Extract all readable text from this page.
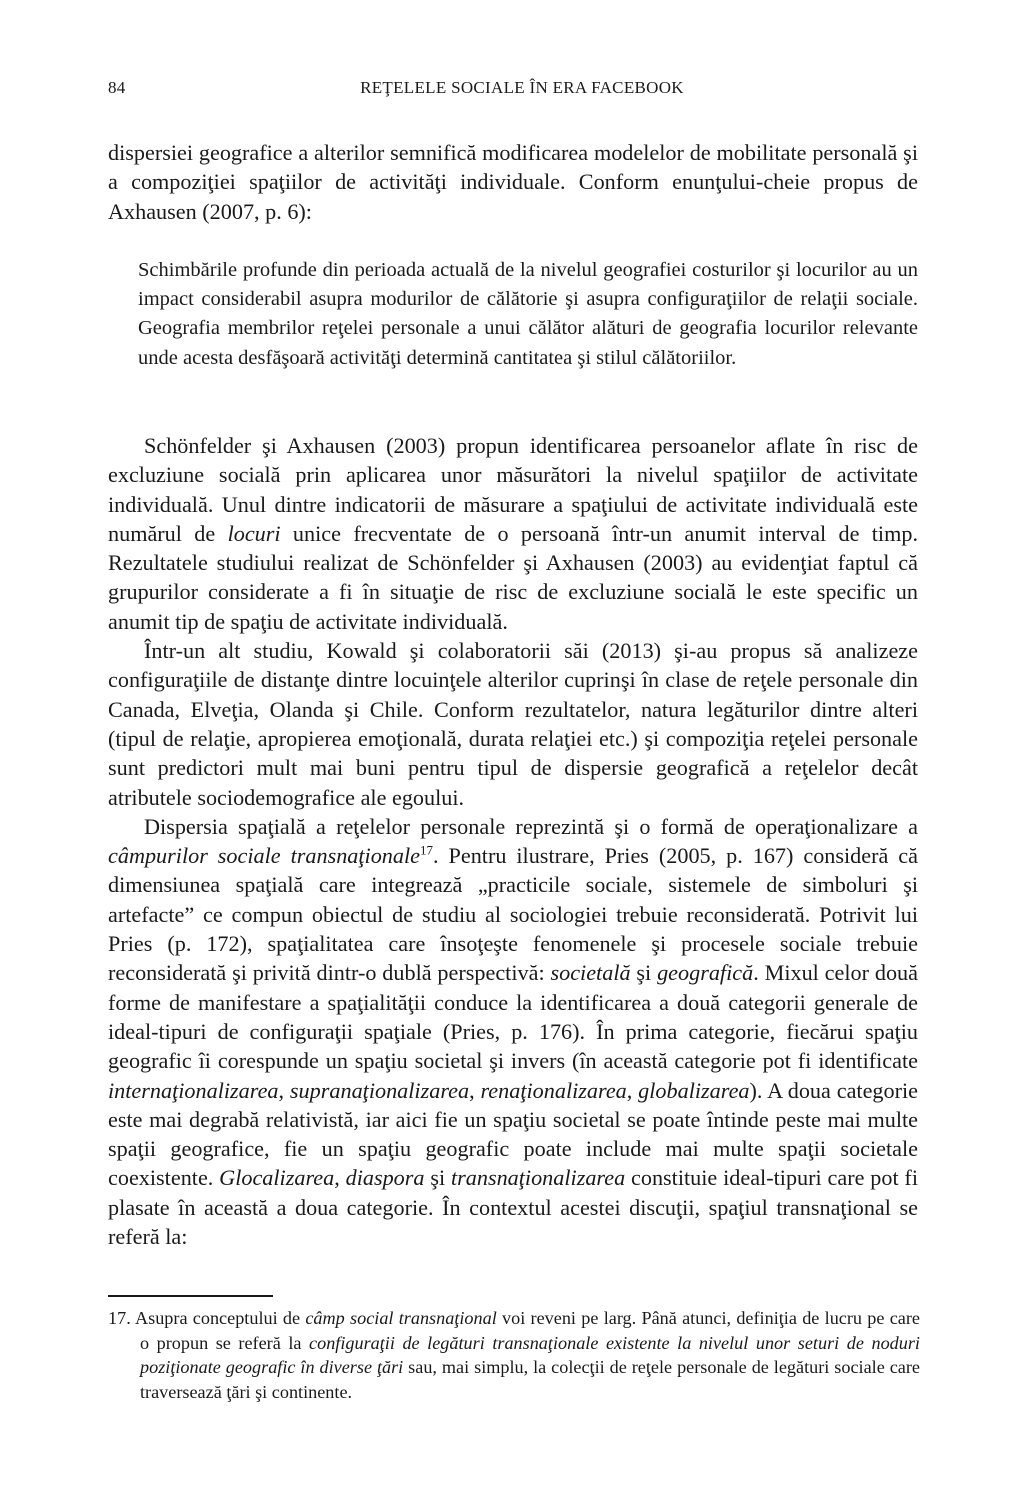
84	REŢELELE SOCIALE ÎN ERA FACEBOOK

dispersiei geografice a alterilor semnifică modificarea modelelor de mobilitate personală şi a compoziţiei spaţiilor de activităţi individuale. Conform enunţului-cheie propus de Axhausen (2007, p. 6):

Schimbările profunde din perioada actuală de la nivelul geografiei costurilor şi locurilor au un impact considerabil asupra modurilor de călătorie şi asupra configuraţiilor de relaţii sociale. Geografia membrilor reţelei personale a unui călător alături de geografia locurilor relevante unde acesta desfăşoară activităţi determină cantitatea şi stilul călătoriilor.

Schönfelder şi Axhausen (2003) propun identificarea persoanelor aflate în risc de excluziune socială prin aplicarea unor măsurători la nivelul spaţiilor de activitate individuală. Unul dintre indicatorii de măsurare a spaţiului de activitate individuală este numărul de locuri unice frecventate de o persoană într-un anumit interval de timp. Rezultatele studiului realizat de Schönfelder şi Axhausen (2003) au evidenţiat faptul că grupurilor considerate a fi în situaţie de risc de excluziune socială le este specific un anumit tip de spaţiu de activitate individuală.

Într-un alt studiu, Kowald şi colaboratorii săi (2013) şi-au propus să analizeze configuraţiile de distanţe dintre locuinţele alterilor cuprinşi în clase de reţele personale din Canada, Elveţia, Olanda şi Chile. Conform rezultatelor, natura legăturilor dintre alteri (tipul de relaţie, apropierea emoţională, durata relaţiei etc.) şi compoziţia reţelei personale sunt predictori mult mai buni pentru tipul de dispersie geografică a reţelelor decât atributele sociodemografice ale egoului.

Dispersia spaţială a reţelelor personale reprezintă şi o formă de operaţionalizare a câmpurilor sociale transnaţionale$^{17}$. Pentru ilustrare, Pries (2005, p. 167) consideră că dimensiunea spaţială care integrează „practicile sociale, sistemele de simboluri şi artefacte” ce compun obiectul de studiu al sociologiei trebuie reconsiderată. Potrivit lui Pries (p. 172), spaţialitatea care însoţeşte fenomenele şi procesele sociale trebuie reconsiderată şi privită dintr-o dublă perspectivă: societală şi geografică. Mixul celor două forme de manifestare a spaţialităţii conduce la identificarea a două categorii generale de ideal-tipuri de configuraţii spaţiale (Pries, p. 176). În prima categorie, fiecărui spaţiu geografic îi corespunde un spaţiu societal şi invers (în această categorie pot fi identificate internaţionalizarea, supranaţionalizarea, renaţionalizarea, globalizarea). A doua categorie este mai degrabă relativistă, iar aici fie un spaţiu societal se poate întinde peste mai multe spaţii geografice, fie un spaţiu geografic poate include mai multe spaţii societale coexistente. Glocalizarea, diaspora şi transnaţionalizarea constituie ideal-tipuri care pot fi plasate în această a doua categorie. În contextul acestei discuţii, spaţiul transnaţional se referă la:

17. Asupra conceptului de câmp social transnaţional voi reveni pe larg. Până atunci, definiţia de lucru pe care o propun se referă la configuraţii de legături transnaţionale existente la nivelul unor seturi de noduri poziţionate geografic în diverse ţări sau, mai simplu, la colecţii de reţele personale de legături sociale care traversează ţări şi continente.
